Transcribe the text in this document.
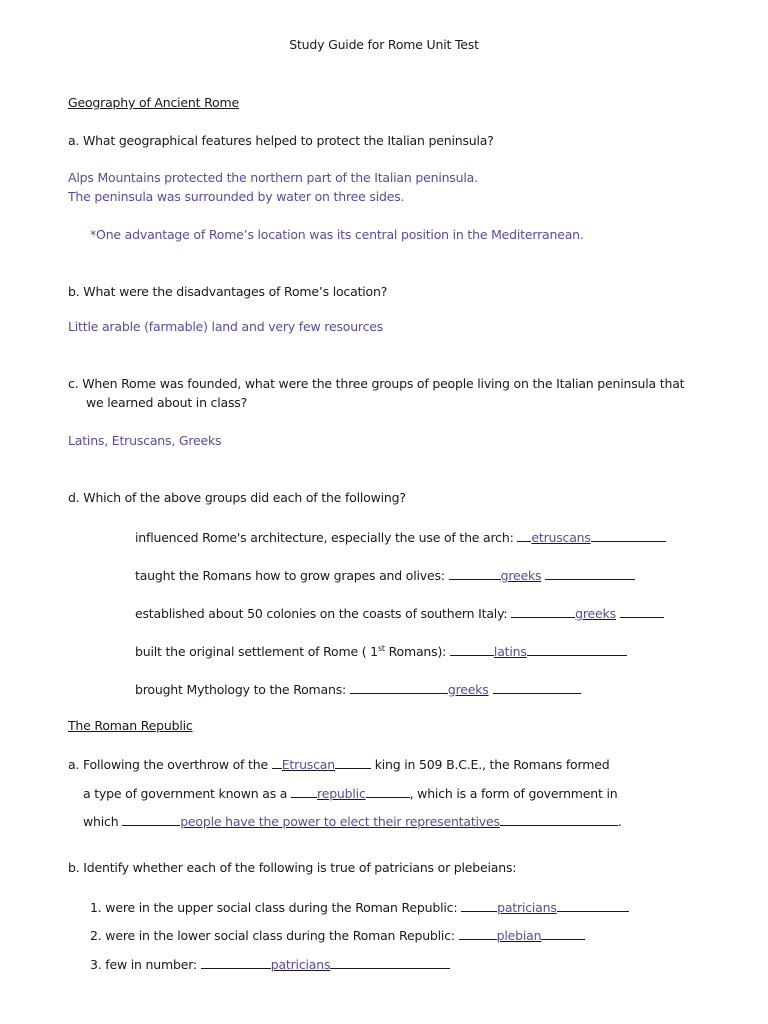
Study Guide for Rome Unit Test
Geography of Ancient Rome
a. What geographical features helped to protect the Italian peninsula?
Alps Mountains protected the northern part of the Italian peninsula.
The peninsula was surrounded by water on three sides.
*One advantage of Rome’s location was its central position in the Mediterranean.
b. What were the disadvantages of Rome’s location?
Little arable (farmable) land and very few resources
c. When Rome was founded, what were the three groups of people living on the Italian peninsula that
we learned about in class?
Latins, Etruscans, Greeks
d. Which of the above groups did each of the following?
influenced Rome's architecture, especially the use of the arch: etruscans
taught the Romans how to grow grapes and olives:	greeks
established about 50 colonies on the coasts of southern Italy:	greeks
built the original settlement of Rome ( 1st Romans):	latins
brought Mythology to the Romans:	greeks
The Roman Republic
a. Following the overthrow of the Etruscan	king in 509 B.C.E., the Romans formed
a type of government known as a republic	, which is a form of government in
which	people have the power to elect their representatives	.
b. Identify whether each of the following is true of patricians or plebeians:
1. were in the upper social class during the Roman Republic:	patricians
2. were in the lower social class during the Roman Republic:	plebian
3. few in number:	patricians
